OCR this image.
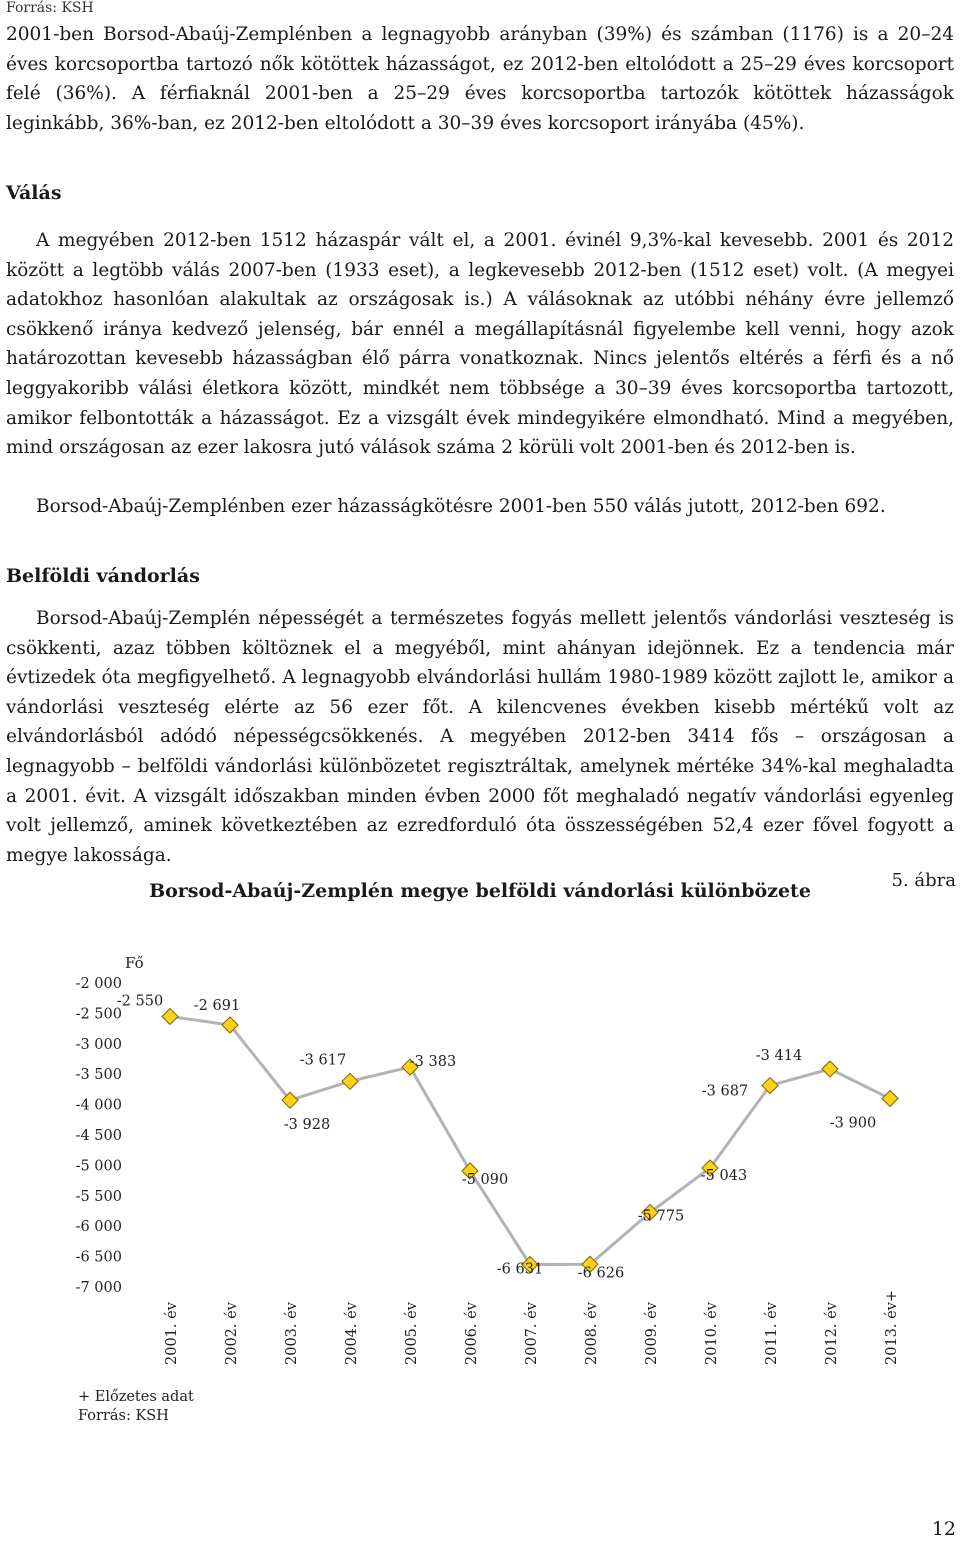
Forrás: KSH

2001-ben Borsod-Abaúj-Zemplénben a legnagyobb arányban (39%) és számban (1176) is a 20–24 éves korcsoportba tartozó nők kötöttek házasságot, ez 2012-ben eltolódott a 25–29 éves korcsoport felé (36%). A férfiaknál 2001-ben a 25–29 éves korcsoportba tartozók kötöttek házasságok leginkább, 36%-ban, ez 2012-ben eltolódott a 30–39 éves korcsoport irányába (45%).

Válás

A megyében 2012-ben 1512 házaspár vált el, a 2001. évinél 9,3%-kal kevesebb. 2001 és 2012 között a legtöbb válás 2007-ben (1933 eset), a legkevesebb 2012-ben (1512 eset) volt. (A megyei adatokhoz hasonlóan alakultak az országosak is.) A válásoknak az utóbbi néhány évre jellemző csökkenő iránya kedvező jelenség, bár ennél a megállapításnál figyelembe kell venni, hogy azok határozottan kevesebb házasságban élő párra vonatkoznak. Nincs jelentős eltérés a férfi és a nő leggyakoribb válási életkora között, mindkét nem többsége a 30–39 éves korcsoportba tartozott, amikor felbontották a házasságot. Ez a vizsgált évek mindegyikére elmondható. Mind a megyében, mind országosan az ezer lakosra jutó válások száma 2 körüli volt 2001-ben és 2012-ben is.

Borsod-Abaúj-Zemplénben ezer házasságkötésre 2001-ben 550 válás jutott, 2012-ben 692.

Belföldi vándorlás

Borsod-Abaúj-Zemplén népességét a természetes fogyás mellett jelentős vándorlási veszteség is csökkenti, azaz többen költöznek el a megyéből, mint ahányan idejönnek. Ez a tendencia már évtizedek óta megfigyelhető. A legnagyobb elvándorlási hullám 1980-1989 között zajlott le, amikor a vándorlási veszteség elérte az 56 ezer főt. A kilencvenes években kisebb mértékű volt az elvándorlásból adódó népességcsökkenés. A megyében 2012-ben 3414 fős – országosan a legnagyobb – belföldi vándorlási különbözetet regisztráltak, amelynek mértéke 34%-kal meghaladta a 2001. évit. A vizsgált időszakban minden évben 2000 főt meghaladó negatív vándorlási egyenleg volt jellemző, aminek következtében az ezredforduló óta összességében 52,4 ezer fővel fogyott a megye lakossága.

5. ábra
Borsod-Abaúj-Zemplén megye belföldi vándorlási különbözete
Fő
-2 000
-2 500
-3 000
-3 500
-4 000
-4 500
-5 000
-5 500
-6 000
-6 500
-7 000
-2 550 -2 691
-3 928
-3 617	-3 383
-5 090
-6 631 -6 626
-5 775
-5 043
-3 687
-3 414
-3 900
2001. év	2002. év	2003. év	2004. év	2005. év	2006. év	2007. év	2008. év	2009. év	2010. év	2011. év	2012. év	2013. év+
+ Előzetes adat
Forrás: KSH
12
